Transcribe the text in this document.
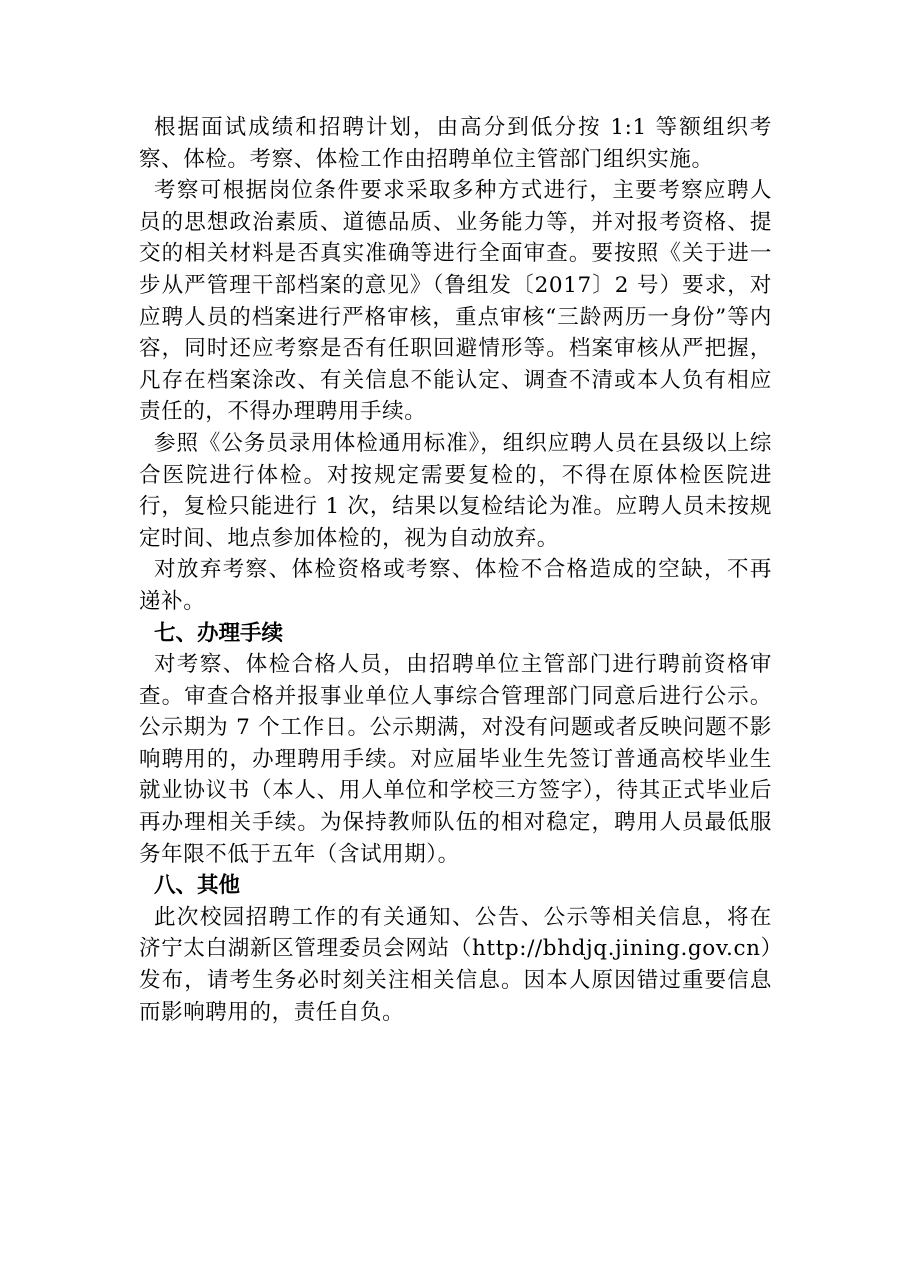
根据面试成绩和招聘计划，由高分到低分按 1:1 等额组织考察、体检。考察、体检工作由招聘单位主管部门组织实施。

考察可根据岗位条件要求采取多种方式进行，主要考察应聘人员的思想政治素质、道德品质、业务能力等，并对报考资格、提交的相关材料是否真实准确等进行全面审查。要按照《关于进一步从严管理干部档案的意见》（鲁组发〔2017〕2 号）要求，对应聘人员的档案进行严格审核，重点审核“三龄两历一身份”等内容，同时还应考察是否有任职回避情形等。档案审核从严把握，凡存在档案涂改、有关信息不能认定、调查不清或本人负有相应责任的，不得办理聘用手续。

参照《公务员录用体检通用标准》，组织应聘人员在县级以上综合医院进行体检。对按规定需要复检的，不得在原体检医院进行，复检只能进行 1 次，结果以复检结论为准。应聘人员未按规定时间、地点参加体检的，视为自动放弃。

对放弃考察、体检资格或考察、体检不合格造成的空缺，不再递补。

七、办理手续

对考察、体检合格人员，由招聘单位主管部门进行聘前资格审查。审查合格并报事业单位人事综合管理部门同意后进行公示。公示期为 7 个工作日。公示期满，对没有问题或者反映问题不影响聘用的，办理聘用手续。对应届毕业生先签订普通高校毕业生就业协议书（本人、用人单位和学校三方签字），待其正式毕业后再办理相关手续。为保持教师队伍的相对稳定，聘用人员最低服务年限不低于五年（含试用期）。

八、其他

此次校园招聘工作的有关通知、公告、公示等相关信息，将在济宁太白湖新区管理委员会网站（http://bhdjq.jining.gov.cn）发布，请考生务必时刻关注相关信息。因本人原因错过重要信息而影响聘用的，责任自负。
